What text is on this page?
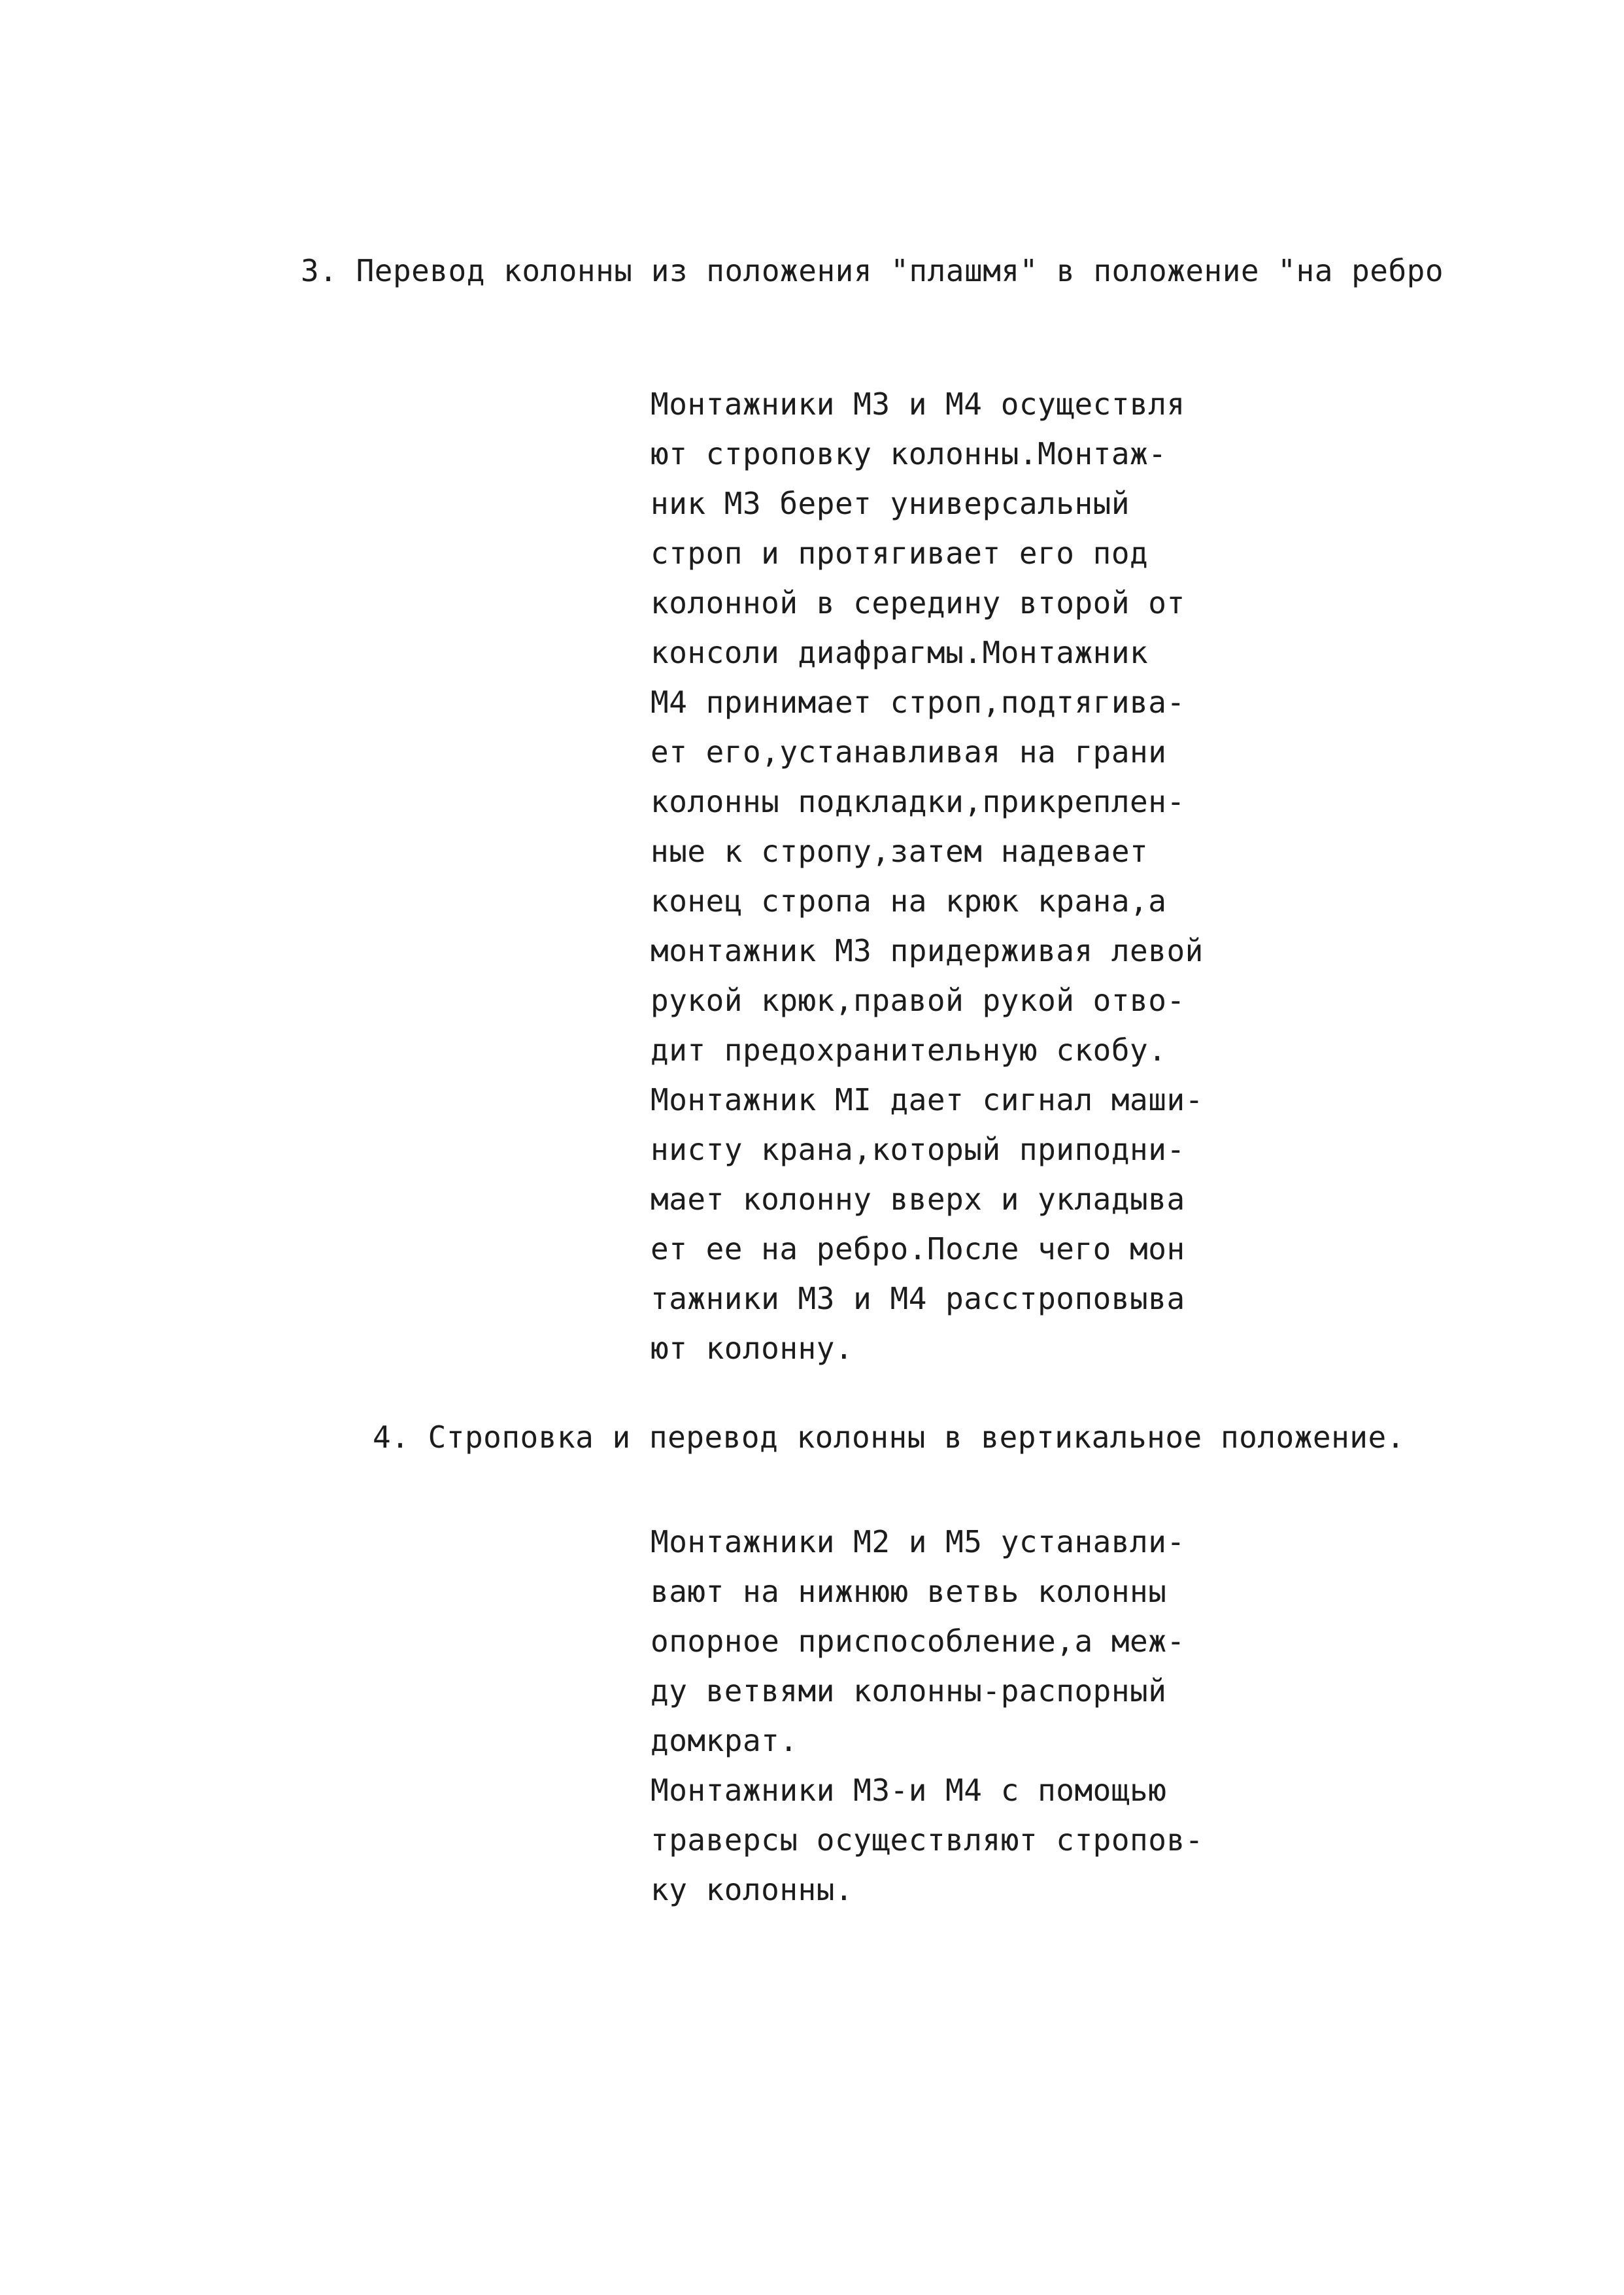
3. Перевод колонны из положения "плашмя" в положение "на ребро
Монтажники МЗ и М4 осуществля
ют строповку колонны.Монтаж-
ник МЗ берет универсальный
строп и протягивает его под
колонной в середину второй от
консоли диафрагмы.Монтажник
М4 принимает строп,подтягива-
ет его,устанавливая на грани
колонны подкладки,прикреплен-
ные к стропу,затем надевает
конец стропа на крюк крана,а
монтажник МЗ придерживая левой
рукой крюк,правой рукой отво-
дит предохранительную скобу.
Монтажник МI дает сигнал маши-
нисту крана,который приподни-
мает колонну вверх и укладыва
ет ее на ребро.После чего мон
тажники МЗ и М4 расстроповыва
ют колонну.
4. Строповка и перевод колонны в вертикальное положение.
Монтажники М2 и М5 устанавли-
вают на нижнюю ветвь колонны
опорное приспособление,а меж-
ду ветвями колонны-распорный
домкрат.
Монтажники МЗ-и М4 с помощью
траверсы осуществляют стропов-
ку колонны.
